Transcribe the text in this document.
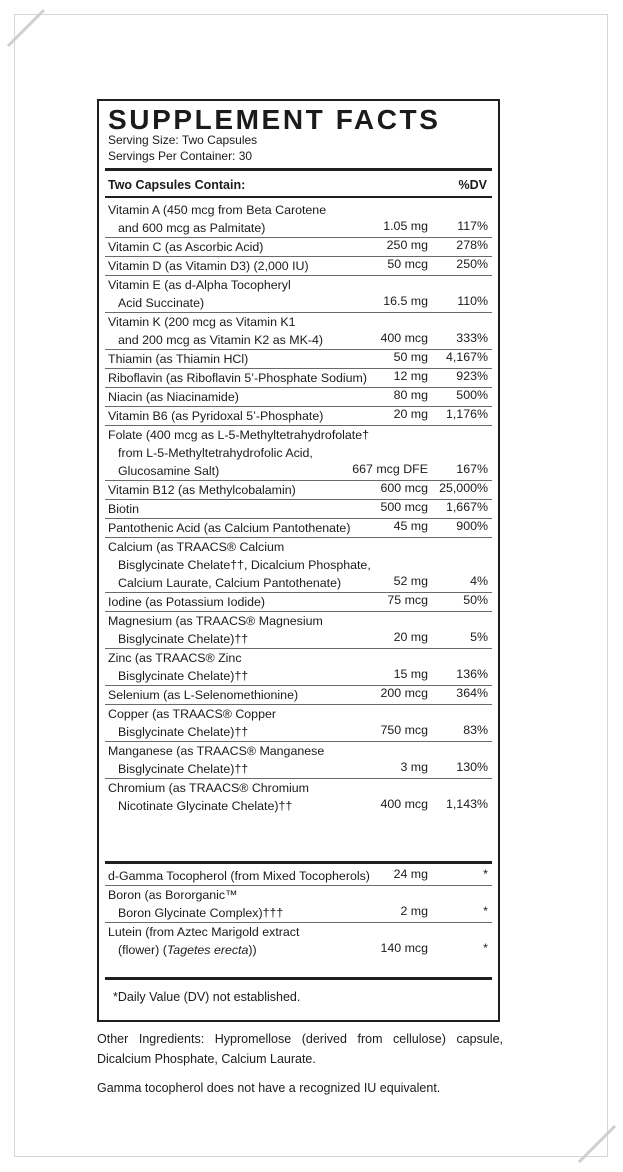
SUPPLEMENT FACTS
Serving Size: Two Capsules
Servings Per Container: 30
Two Capsules Contain:	%DV
Vitamin A (450 mcg from Beta Carotene
and 600 mcg as Palmitate)	1.05 mg 117%
Vitamin C (as Ascorbic Acid)	250 mg 278%
Vitamin D (as Vitamin D3) (2,000 IU)	50 mcg 250%
Vitamin E (as d-Alpha Tocopheryl
Acid Succinate)	16.5 mg 110%
Vitamin K (200 mcg as Vitamin K1
and 200 mcg as Vitamin K2 as MK-4)	400 mcg 333%
Thiamin (as Thiamin HCl)	50 mg 4,167%
Riboflavin (as Riboflavin 5’-Phosphate Sodium) 12 mg 923%
Niacin (as Niacinamide)	80 mg 500%
Vitamin B6 (as Pyridoxal 5’-Phosphate)	20 mg 1,176%
Folate (400 mcg as L-5-Methyltetrahydrofolate†
from L-5-Methyltetrahydrofolic Acid,
Glucosamine Salt)	667 mcg DFE 167%
Vitamin B12 (as Methylcobalamin)	600 mcg 25,000%
Biotin	500 mcg 1,667%
Pantothenic Acid (as Calcium Pantothenate)	45 mg 900%
Calcium (as TRAACS® Calcium
Bisglycinate Chelate††, Dicalcium Phosphate,
Calcium Laurate, Calcium Pantothenate)	52 mg	4%
Iodine (as Potassium Iodide)	75 mcg	50%
Magnesium (as TRAACS® Magnesium
Bisglycinate Chelate)††	20 mg	5%
Zinc (as TRAACS® Zinc
Bisglycinate Chelate)††	15 mg 136%
Selenium (as L-Selenomethionine)	200 mcg 364%
Copper (as TRAACS® Copper
Bisglycinate Chelate)††	750 mcg	83%
Manganese (as TRAACS® Manganese
Bisglycinate Chelate)††	3 mg 130%
Chromium (as TRAACS® Chromium
Nicotinate Glycinate Chelate)††	400 mcg 1,143%
d-Gamma Tocopherol (from Mixed Tocopherols) 24 mg	*
Boron (as Bororganic™
Boron Glycinate Complex)†††	2 mg	*
Lutein (from Aztec Marigold extract
(flower) (Tagetes erecta))	140 mcg	*
*Daily Value (DV) not established.
Other Ingredients: Hypromellose (derived from cellulose) capsule,
Dicalcium Phosphate, Calcium Laurate.
Gamma tocopherol does not have a recognized IU equivalent.
